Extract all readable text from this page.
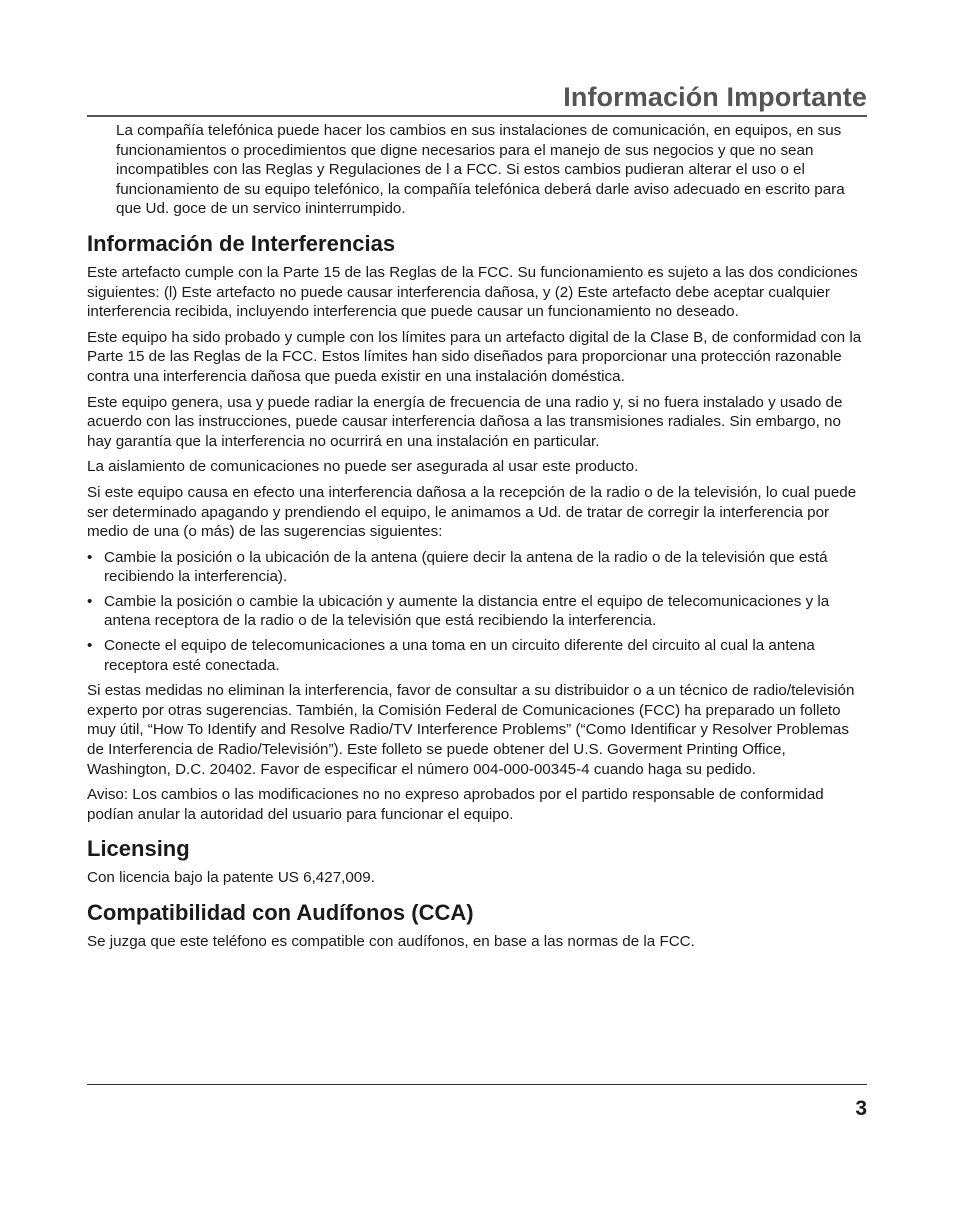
Información Importante

La compañía telefónica puede hacer los cambios en sus instalaciones de comunicación, en equipos, en sus funcionamientos o procedimientos que digne necesarios para el manejo de sus negocios y que no sean incompatibles con las Reglas y Regulaciones de l a FCC. Si estos cambios pudieran alterar el uso o el funcionamiento de su equipo telefónico, la compañía telefónica deberá darle aviso adecuado en escrito para que Ud. goce de un servico ininterrumpido.

Información de Interferencias

Este artefacto cumple con la Parte 15 de las Reglas de la FCC. Su funcionamiento es sujeto a las dos condiciones siguientes: (l) Este artefacto no puede causar interferencia dañosa, y (2) Este artefacto debe aceptar cualquier interferencia recibida, incluyendo interferencia que puede causar un funcionamiento no deseado.

Este equipo ha sido probado y cumple con los límites para un artefacto digital de la Clase B, de conformidad con la Parte 15 de las Reglas de la FCC. Estos límites han sido diseñados para proporcionar una protección razonable contra una interferencia dañosa que pueda existir en una instalación doméstica.

Este equipo genera, usa y puede radiar la energía de frecuencia de una radio y, si no fuera instalado y usado de acuerdo con las instrucciones, puede causar interferencia dañosa a las transmisiones radiales. Sin embargo, no hay garantía que la interferencia no ocurrirá en una instalación en particular.

La aislamiento de comunicaciones no puede ser asegurada al usar este producto.

Si este equipo causa en efecto una interferencia dañosa a la recepción de la radio o de la televisión, lo cual puede ser determinado apagando y prendiendo el equipo, le animamos a Ud. de tratar de corregir la interferencia por medio de una (o más) de las sugerencias siguientes:

• Cambie la posición o la ubicación de la antena (quiere decir la antena de la radio o de la televisión que está recibiendo la interferencia).
• Cambie la posición o cambie la ubicación y aumente la distancia entre el equipo de telecomunicaciones y la antena receptora de la radio o de la televisión que está recibiendo la interferencia.
• Conecte el equipo de telecomunicaciones a una toma en un circuito diferente del circuito al cual la antena receptora esté conectada.

Si estas medidas no eliminan la interferencia, favor de consultar a su distribuidor o a un técnico de radio/televisión experto por otras sugerencias. También, la Comisión Federal de Comunicaciones (FCC) ha preparado un folleto muy útil, “How To Identify and Resolve Radio/TV Interference Problems” (“Como Identificar y Resolver Problemas de Interferencia de Radio/Televisión”). Este folleto se puede obtener del U.S. Goverment Printing Office, Washington, D.C. 20402. Favor de especificar el número 004-000-00345-4 cuando haga su pedido.

Aviso: Los cambios o las modificaciones no no expreso aprobados por el partido responsable de conformidad podían anular la autoridad del usuario para funcionar el equipo.

Licensing

Con licencia bajo la patente US 6,427,009.

Compatibilidad con Audífonos (CCA)

Se juzga que este teléfono es compatible con audífonos, en base a las normas de la FCC.

3
